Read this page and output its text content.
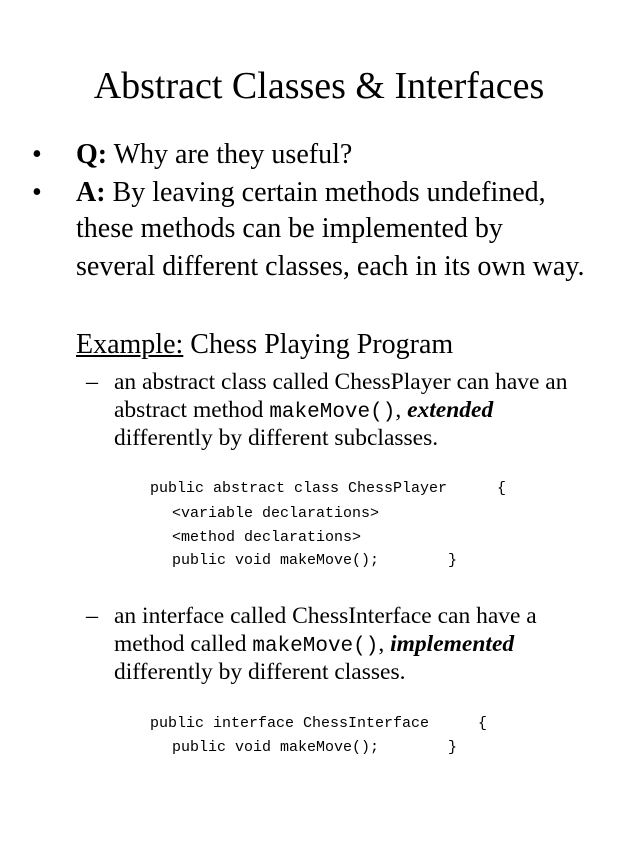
Abstract Classes & Interfaces
• Q: Why are they useful?
• A: By leaving certain methods undefined,
these methods can be implemented by
several different classes, each in its own way.
Example: Chess Playing Program
– an abstract class called ChessPlayer can have an
abstract method makeMove(), extended
differently by different subclasses.
public abstract class ChessPlayer	{
<variable declarations>
<method declarations>
public void makeMove();	}
– an interface called ChessInterface can have a
method called makeMove(), implemented
differently by different classes.
public interface ChessInterface	{
public void makeMove();	}
